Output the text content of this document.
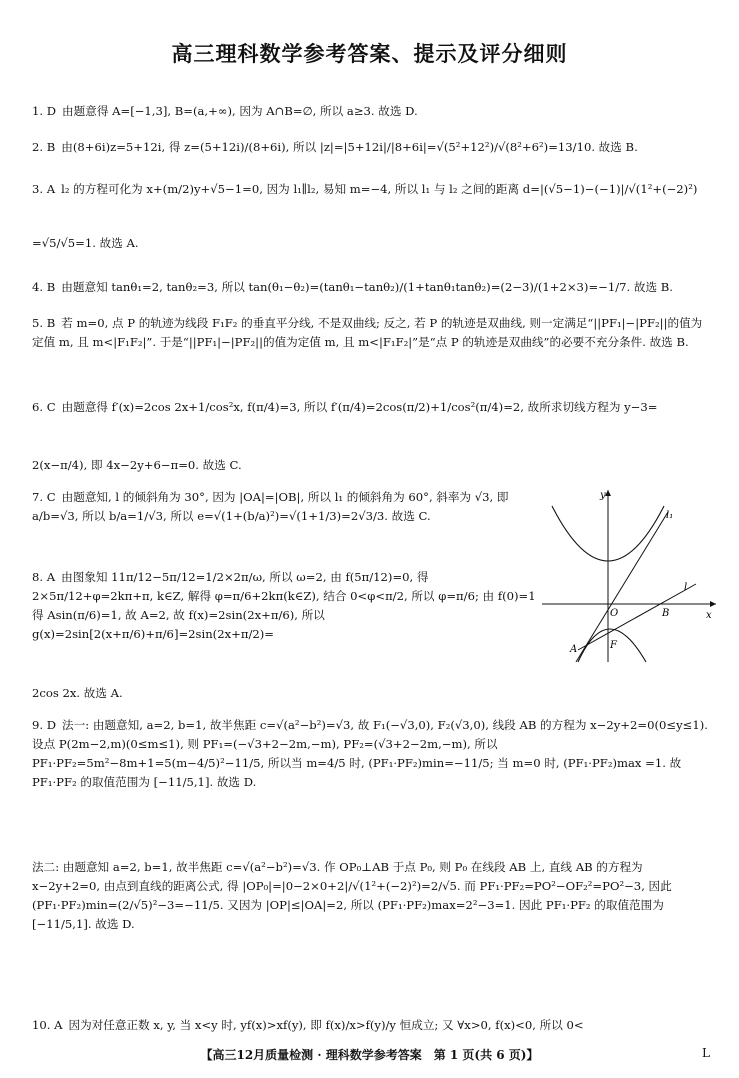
高三理科数学参考答案、提示及评分细则
1. D 由题意得 A=[−1,3], B=(a,+∞), 因为 A∩B=∅, 所以 a≥3. 故选 D.
2. B 由(8+6i)z=5+12i, 得 z=(5+12i)/(8+6i), 所以 |z|=|5+12i|/|8+6i|=√(5²+12²)/√(8²+6²)=13/10. 故选 B.
3. A l₂ 的方程可化为 x+(m/2)y+√5−1=0, 因为 l₁∥l₂, 易知 m=−4, 所以 l₁ 与 l₂ 之间的距离 d=|(√5−1)−(−1)|/√(1²+(−2)²)
=√5/√5=1. 故选 A.
4. B 由题意知 tanθ₁=2, tanθ₂=3, 所以 tan(θ₁−θ₂)=(tanθ₁−tanθ₂)/(1+tanθ₁tanθ₂)=(2−3)/(1+2×3)=−1/7. 故选 B.
5. B 若 m=0, 点 P 的轨迹为线段 F₁F₂ 的垂直平分线, 不是双曲线; 反之, 若 P 的轨迹是双曲线, 则一定满足“||PF₁|−|PF₂||的值为定值 m, 且 m<|F₁F₂|”. 于是“||PF₁|−|PF₂||的值为定值 m, 且 m<|F₁F₂|”是“点 P 的轨迹是双曲线”的必要不充分条件. 故选 B.
6. C 由题意得 f′(x)=2cos 2x+1/cos²x, f(π/4)=3, 所以 f′(π/4)=2cos(π/2)+1/cos²(π/4)=2, 故所求切线方程为 y−3=
2(x−π/4), 即 4x−2y+6−π=0. 故选 C.
7. C 由题意知, l 的倾斜角为 30°, 因为 |OA|=|OB|, 所以 l₁ 的倾斜角为 60°, 斜率为 √3, 即 a/b=√3, 所以 b/a=1/√3, 所以 e=√(1+(b/a)²)=√(1+1/3)=2√3/3. 故选 C.
8. A 由图象知 11π/12−5π/12=1/2×2π/ω, 所以 ω=2, 由 f(5π/12)=0, 得 2×5π/12+φ=2kπ+π, k∈Z, 解得 φ=π/6+2kπ(k∈Z), 结合 0<φ<π/2, 所以 φ=π/6; 由 f(0)=1 得 Asin(π/6)=1, 故 A=2, 故 f(x)=2sin(2x+π/6), 所以 g(x)=2sin[2(x+π/6)+π/6]=2sin(2x+π/2)=
2cos 2x. 故选 A.
9. D 法一: 由题意知, a=2, b=1, 故半焦距 c=√(a²−b²)=√3, 故 F₁(−√3,0), F₂(√3,0), 线段 AB 的方程为 x−2y+2=0(0≤y≤1). 设点 P(2m−2,m)(0≤m≤1), 则 PF₁=(−√3+2−2m,−m), PF₂=(√3+2−2m,−m), 所以 PF₁·PF₂=5m²−8m+1=5(m−4/5)²−11/5, 所以当 m=4/5 时, (PF₁·PF₂)min=−11/5; 当 m=0 时, (PF₁·PF₂)max =1. 故 PF₁·PF₂ 的取值范围为 [−11/5,1]. 故选 D.
法二: 由题意知 a=2, b=1, 故半焦距 c=√(a²−b²)=√3. 作 OP₀⊥AB 于点 P₀, 则 P₀ 在线段 AB 上, 直线 AB 的方程为 x−2y+2=0, 由点到直线的距离公式, 得 |OP₀|=|0−2×0+2|/√(1²+(−2)²)=2/√5. 而 PF₁·PF₂=PO²−OF₂²=PO²−3, 因此 (PF₁·PF₂)min=(2/√5)²−3=−11/5. 又因为 |OP|≤|OA|=2, 所以 (PF₁·PF₂)max=2²−3=1. 因此 PF₁·PF₂ 的取值范围为 [−11/5,1]. 故选 D.
10. A 因为对任意正数 x, y, 当 x<y 时, yf(x)>xf(y), 即 f(x)/x>f(y)/y 恒成立; 又 ∀x>0, f(x)<0, 所以 0<
y
x
O
l₁
l
A
B
F
【高三12月质量检测 · 理科数学参考答案　第 1 页(共 6 页)】	L
